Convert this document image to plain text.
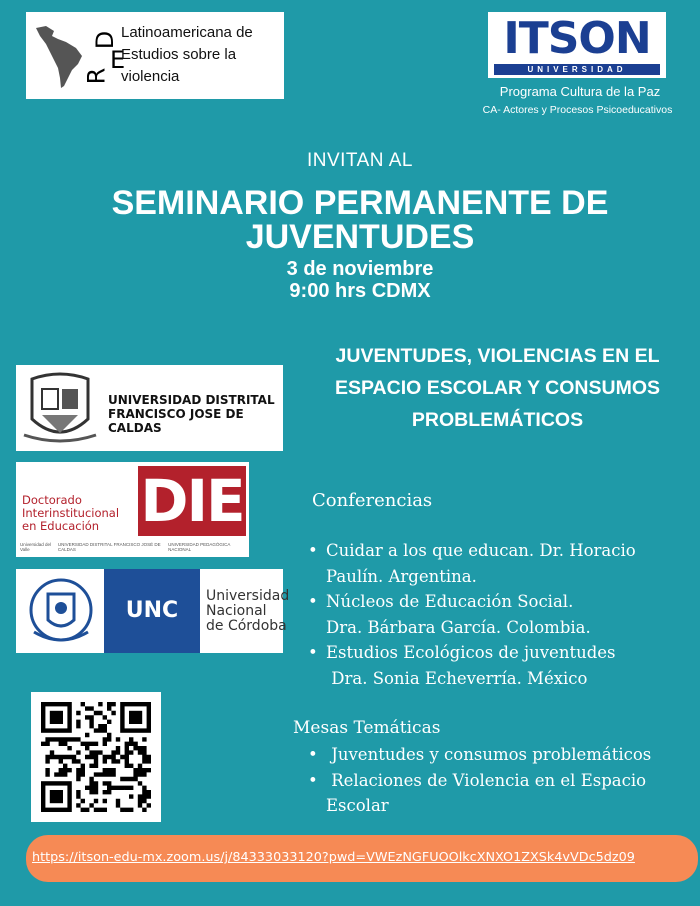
R
E
D Latinoamericana de
Estudios sobre la
violencia
ITSON
UNIVERSIDAD
Programa Cultura de la Paz
CA- Actores y Procesos Psicoeducativos
INVITAN AL
SEMINARIO PERMANENTE DE
JUVENTUDES
3 de noviembre
9:00 hrs CDMX
JUVENTUDES, VIOLENCIAS EN EL
ESPACIO ESCOLAR Y CONSUMOS
PROBLEMÁTICOS
UNIVERSIDAD DISTRITAL
FRANCISCO JOSE DE CALDAS
Doctorado
Interinstitucional
en Educación DIE
Universidad del Valle
UNIVERSIDAD DISTRITAL FRANCISCO JOSÉ DE CALDAS
UNIVERSIDAD PEDAGÓGICA NACIONAL
UNC
Universidad
Nacional
de Córdoba
Conferencias
• Cuidar a los que educan. Dr. Horacio
Paulín. Argentina.
• Núcleos de Educación Social.
Dra. Bárbara García. Colombia.
• Estudios Ecológicos de juventudes
Dra. Sonia Echeverría. México
Mesas Temáticas
•  Juventudes y consumos problemáticos
•  Relaciones de Violencia en el Espacio
Escolar
https://itson-edu-mx.zoom.us/j/84333033120?pwd=VWEzNGFUOOlkcXNXO1ZXSk4vVDc5dz09
